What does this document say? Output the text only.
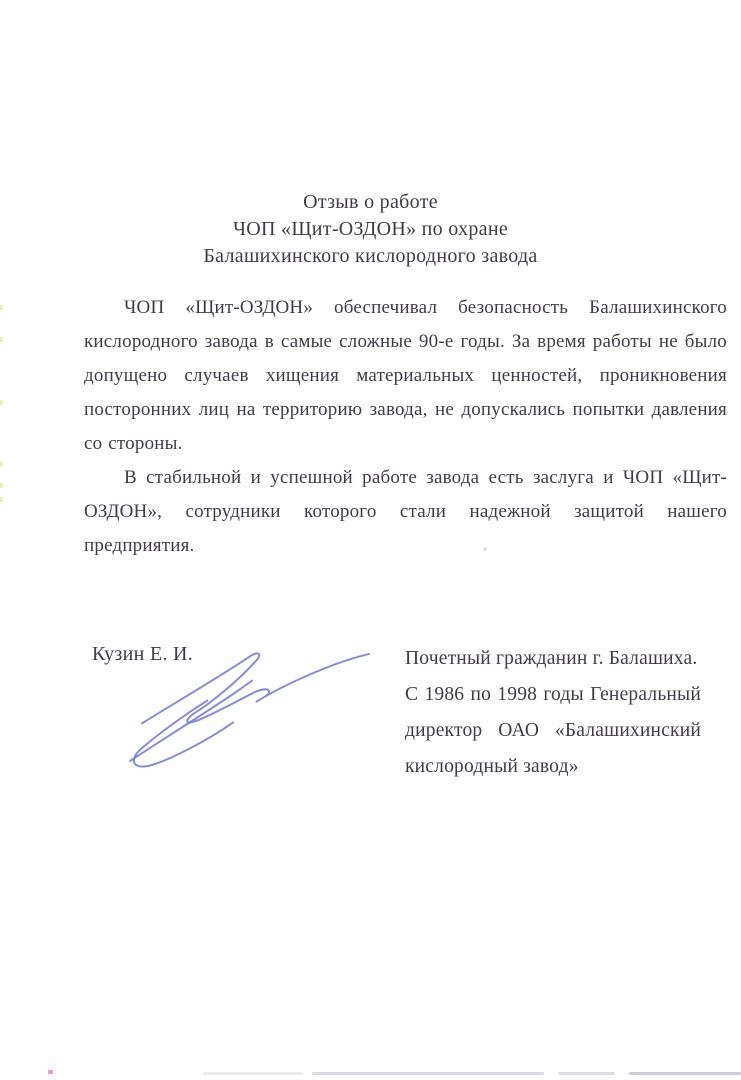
Отзыв о работе
ЧОП «Щит-ОЗДОН» по охране
Балашихинского кислородного завода

ЧОП «Щит-ОЗДОН» обеспечивал безопасность Балашихинского кислородного завода в самые сложные 90-е годы. За время работы не было допущено случаев хищения материальных ценностей, проникновения посторонних лиц на территорию завода, не допускались попытки давления со стороны.

В стабильной и успешной работе завода есть заслуга и ЧОП «Щит-ОЗДОН», сотрудники которого стали надежной защитой нашего предприятия.

Кузин Е. И.	Почетный гражданин г. Балашиха.
С 1986 по 1998 годы Генеральный
директор ОАО «Балашихинский
кислородный завод»
